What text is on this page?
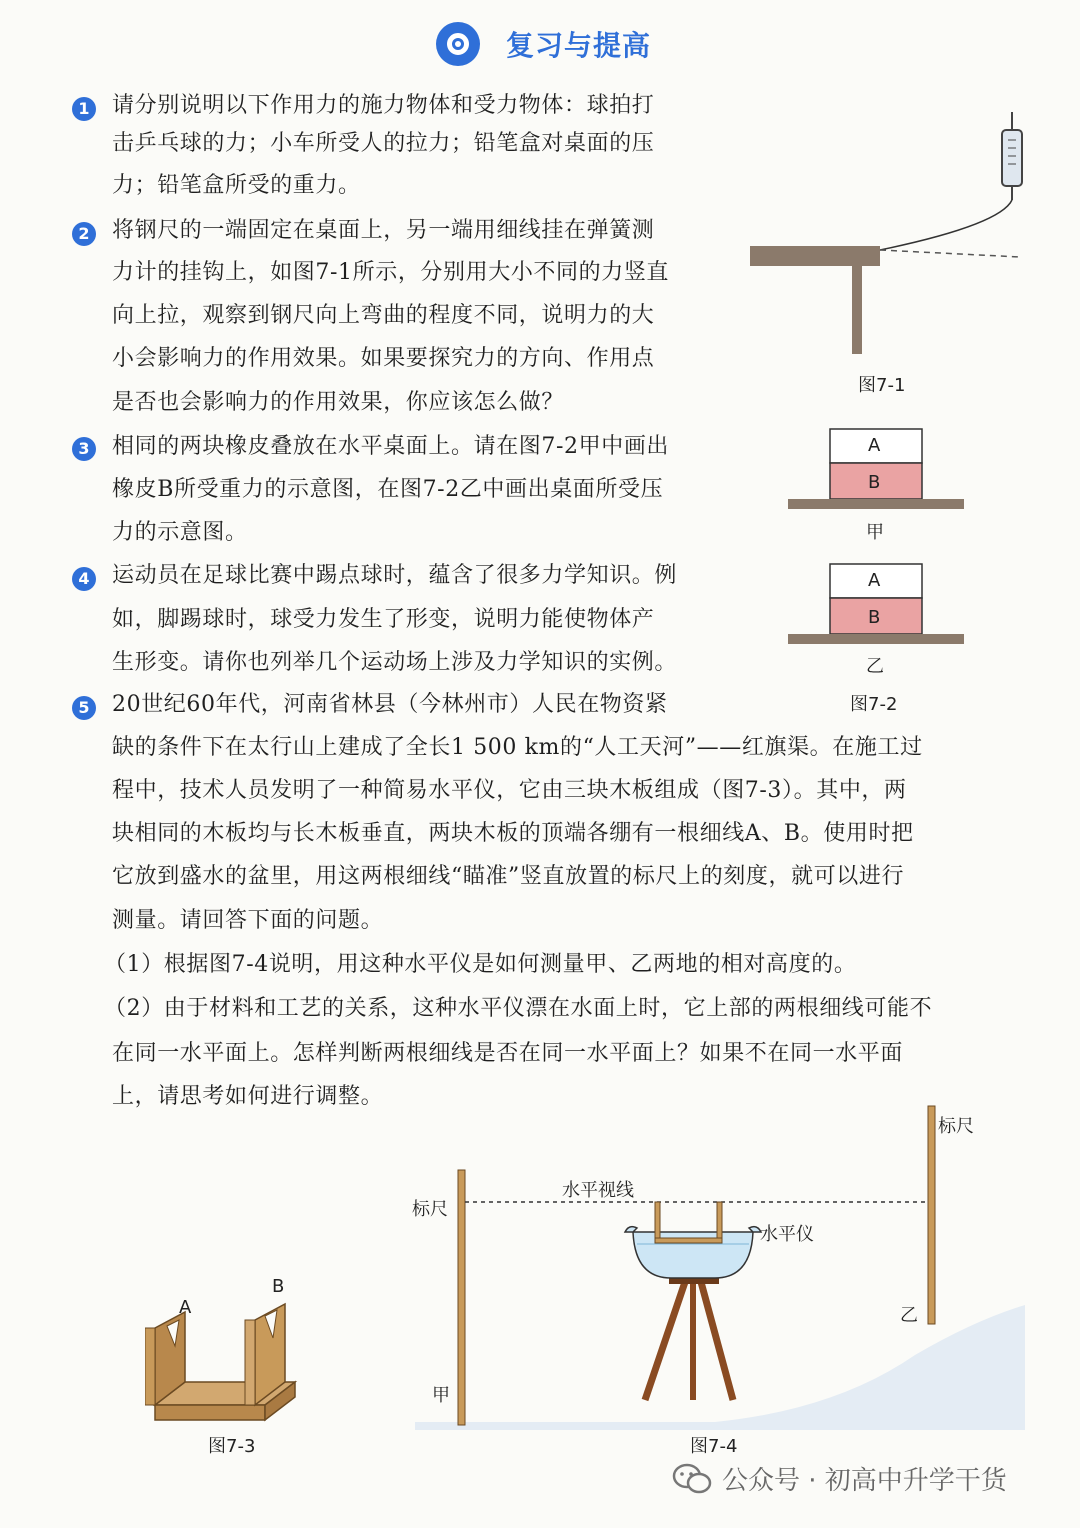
复习与提高
1 请分别说明以下作用力的施力物体和受力物体：球拍打
击乒乓球的力；小车所受人的拉力；铅笔盒对桌面的压
力；铅笔盒所受的重力。
2 将钢尺的一端固定在桌面上，另一端用细线挂在弹簧测
力计的挂钩上，如图7-1所示，分别用大小不同的力竖直
向上拉，观察到钢尺向上弯曲的程度不同，说明力的大
小会影响力的作用效果。如果要探究力的方向、作用点
是否也会影响力的作用效果，你应该怎么做？
3 相同的两块橡皮叠放在水平桌面上。请在图7-2甲中画出
橡皮B所受重力的示意图，在图7-2乙中画出桌面所受压
力的示意图。
4 运动员在足球比赛中踢点球时，蕴含了很多力学知识。例
如，脚踢球时，球受力发生了形变，说明力能使物体产
生形变。请你也列举几个运动场上涉及力学知识的实例。
5 20世纪60年代，河南省林县（今林州市）人民在物资紧
缺的条件下在太行山上建成了全长1 500 km的“人工天河”——红旗渠。在施工过
程中，技术人员发明了一种简易水平仪，它由三块木板组成（图7-3）。其中，两
块相同的木板均与长木板垂直，两块木板的顶端各绷有一根细线A、B。使用时把
它放到盛水的盆里，用这两根细线“瞄准”竖直放置的标尺上的刻度，就可以进行
测量。请回答下面的问题。
（1）根据图7-4说明，用这种水平仪是如何测量甲、乙两地的相对高度的。
（2）由于材料和工艺的关系，这种水平仪漂在水面上时，它上部的两根细线可能不
在同一水平面上。怎样判断两根细线是否在同一水平面上？如果不在同一水平面
上，请思考如何进行调整。
图7-1
A
B
甲
A
B
乙
图7-2
A
B
图7-3
标尺
标尺
水平视线
水平仪
甲
乙
图7-4
公众号 · 初高中升学干货
